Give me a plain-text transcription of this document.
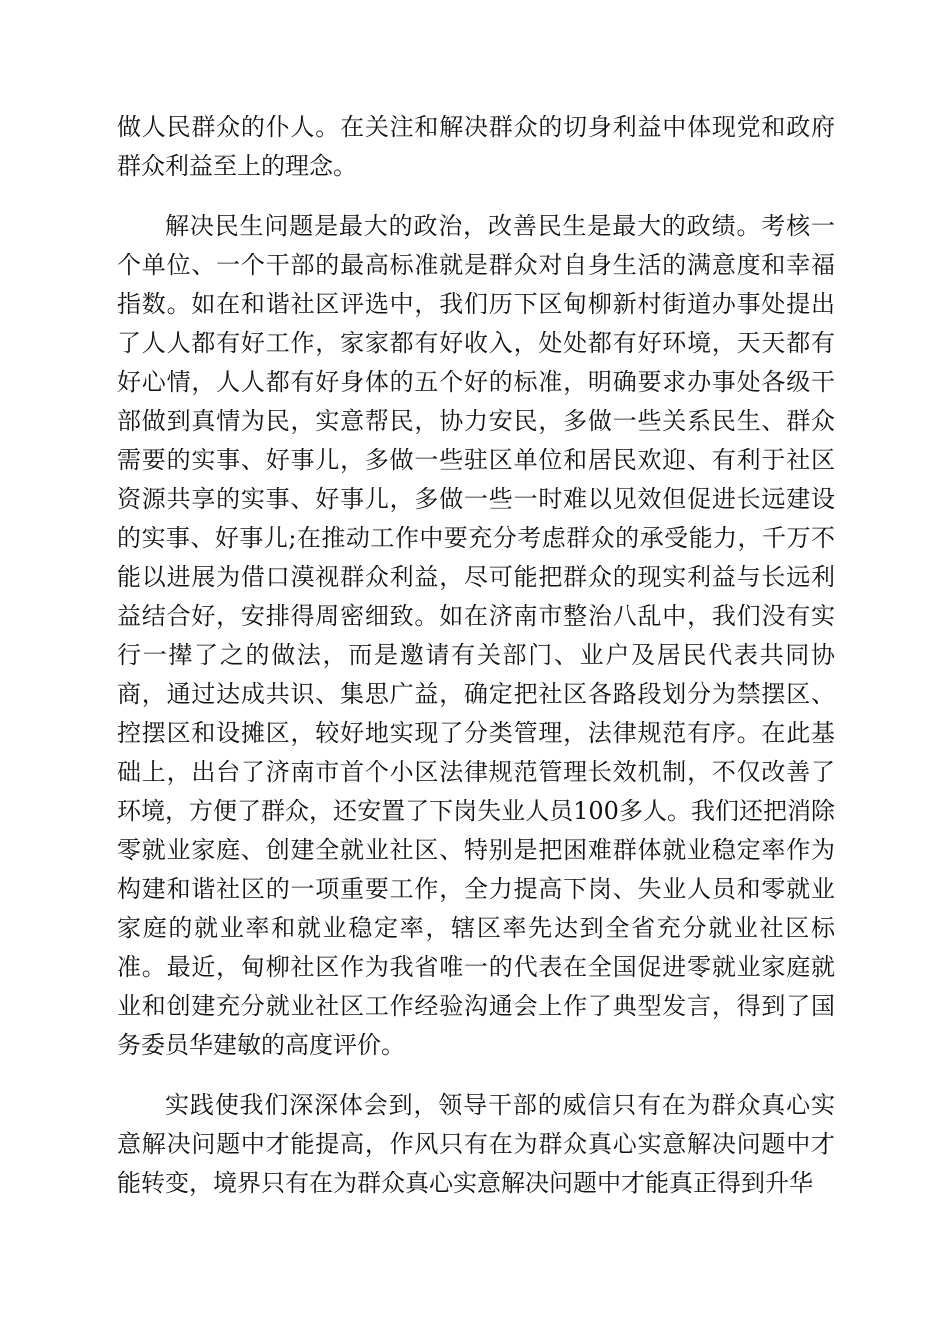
做人民群众的仆人。在关注和解决群众的切身利益中体现党和政府群众利益至上的理念。

解决民生问题是最大的政治，改善民生是最大的政绩。考核一个单位、一个干部的最高标准就是群众对自身生活的满意度和幸福指数。如在和谐社区评选中，我们历下区甸柳新村街道办事处提出了人人都有好工作，家家都有好收入，处处都有好环境，天天都有好心情，人人都有好身体的五个好的标准，明确要求办事处各级干部做到真情为民，实意帮民，协力安民，多做一些关系民生、群众需要的实事、好事儿，多做一些驻区单位和居民欢迎、有利于社区资源共享的实事、好事儿，多做一些一时难以见效但促进长远建设的实事、好事儿;在推动工作中要充分考虑群众的承受能力，千万不能以进展为借口漠视群众利益，尽可能把群众的现实利益与长远利益结合好，安排得周密细致。如在济南市整治八乱中，我们没有实行一撵了之的做法，而是邀请有关部门、业户及居民代表共同协商，通过达成共识、集思广益，确定把社区各路段划分为禁摆区、控摆区和设摊区，较好地实现了分类管理，法律规范有序。在此基础上，出台了济南市首个小区法律规范管理长效机制，不仅改善了环境，方便了群众，还安置了下岗失业人员100多人。我们还把消除零就业家庭、创建全就业社区、特别是把困难群体就业稳定率作为构建和谐社区的一项重要工作，全力提高下岗、失业人员和零就业家庭的就业率和就业稳定率，辖区率先达到全省充分就业社区标准。最近，甸柳社区作为我省唯一的代表在全国促进零就业家庭就业和创建充分就业社区工作经验沟通会上作了典型发言，得到了国务委员华建敏的高度评价。

实践使我们深深体会到，领导干部的威信只有在为群众真心实意解决问题中才能提高，作风只有在为群众真心实意解决问题中才能转变，境界只有在为群众真心实意解决问题中才能真正得到升华
